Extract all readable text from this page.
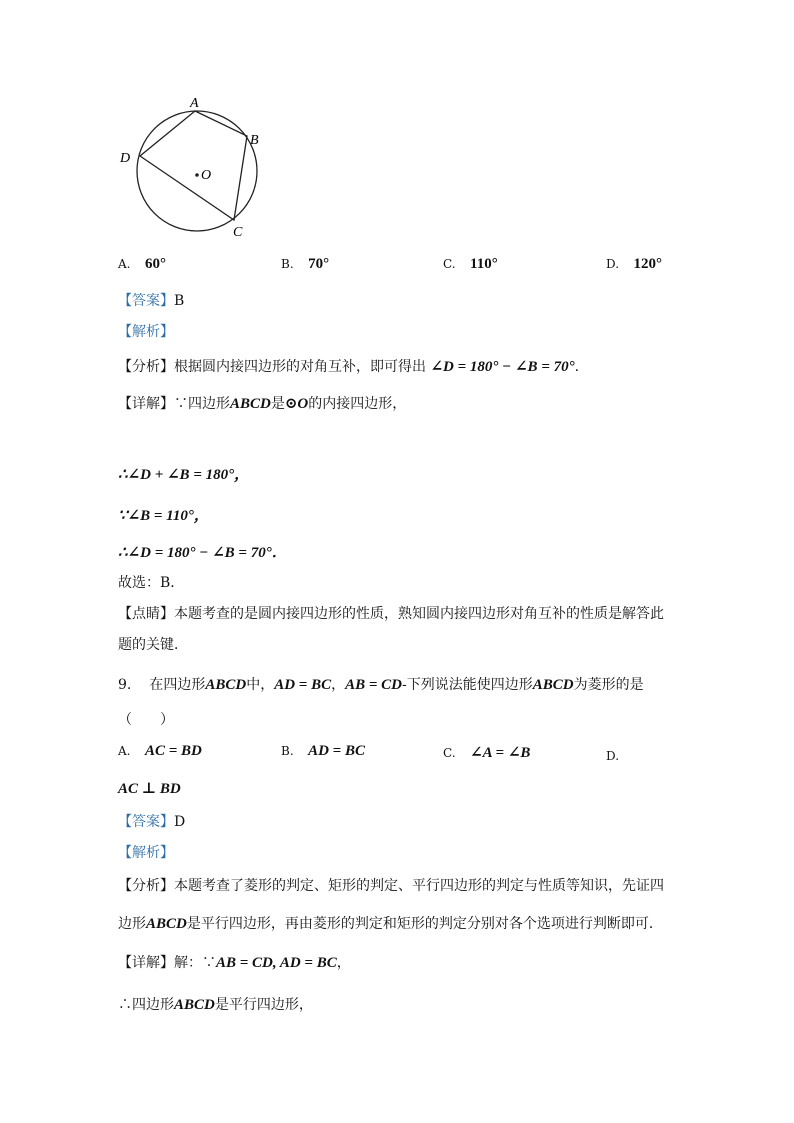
A
B
C
D
O
A. 60°	B. 70°	C. 110°	D. 120°
【答案】B
【解析】
【分析】根据圆内接四边形的对角互补，即可得出 ∠D = 180° − ∠B = 70°.
【详解】∵四边形ABCD是⊙O的内接四边形，
∴∠D + ∠B = 180°，
∵∠B = 110°，
∴∠D = 180° − ∠B = 70°．
故选：B．
【点睛】本题考查的是圆内接四边形的性质，熟知圆内接四边形对角互补的性质是解答此
题的关键．
9. 在四边形ABCD中，AD = BC，AB = CD-下列说法能使四边形ABCD为菱形的是
（　　）
A. AC = BD	B. AD = BC	C. ∠A = ∠B	D.
AC ⊥ BD
【答案】D
【解析】
【分析】本题考查了菱形的判定、矩形的判定、平行四边形的判定与性质等知识，先证四
边形ABCD是平行四边形，再由菱形的判定和矩形的判定分别对各个选项进行判断即可．
【详解】解：∵AB = CD, AD = BC，
∴四边形ABCD是平行四边形，
